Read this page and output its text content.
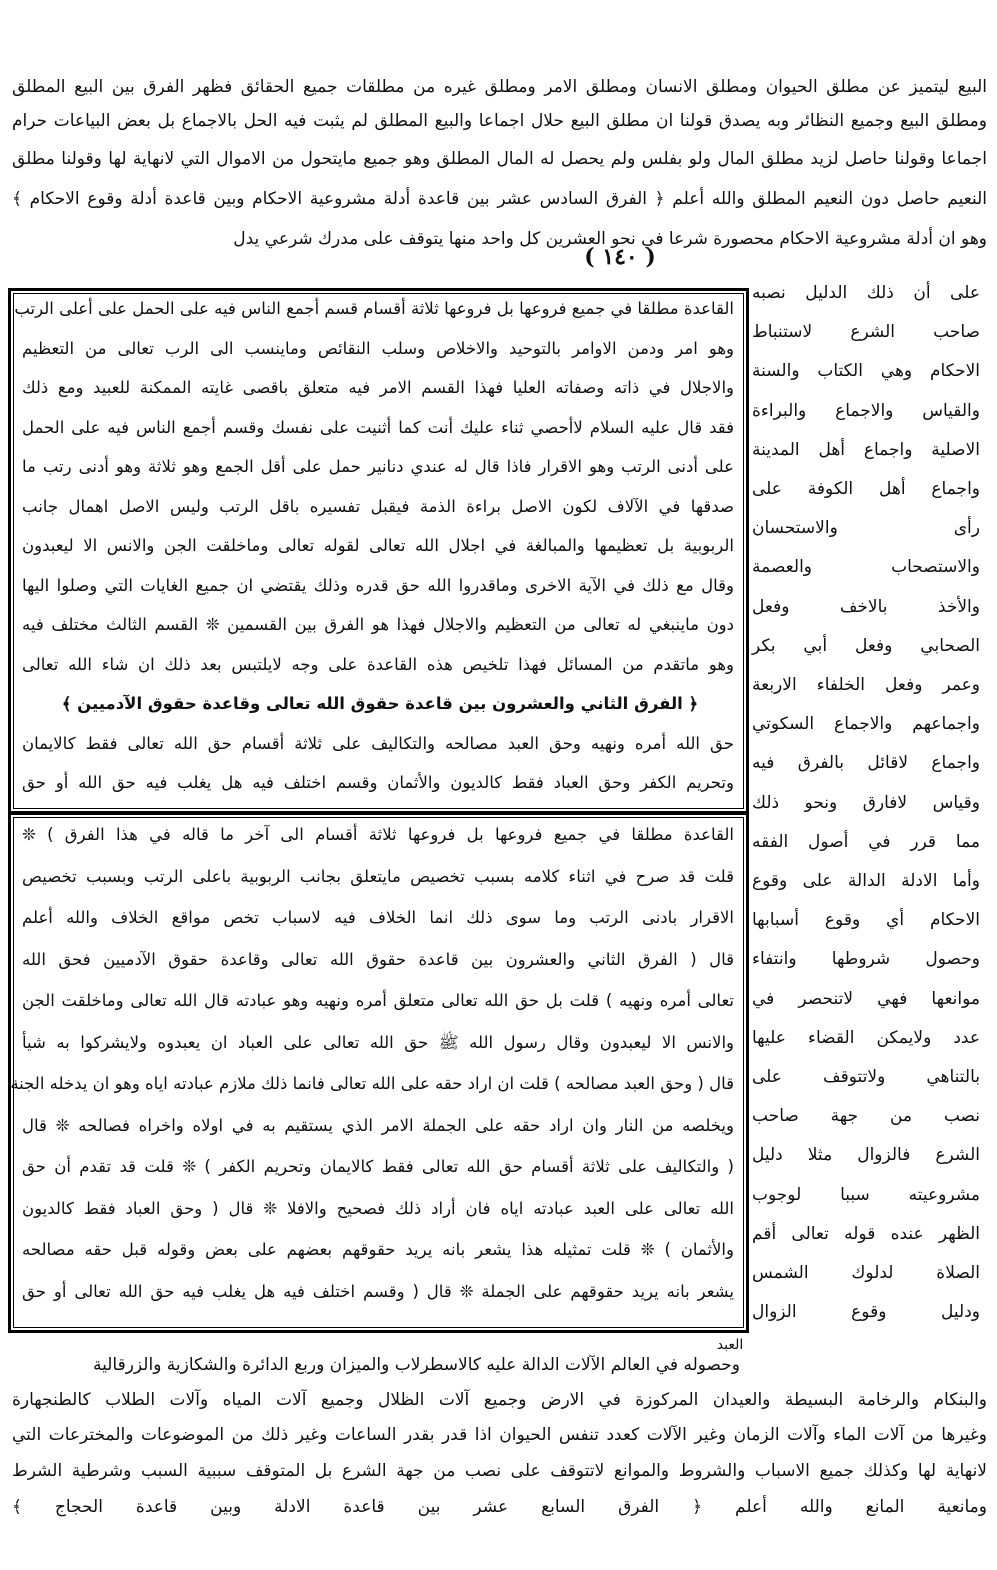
البيع ليتميز عن مطلق الحيوان ومطلق الانسان ومطلق الامر ومطلق غيره من مطلقات جميع الحقائق فظهر الفرق بين البيع المطلق
ومطلق البيع وجميع النظائر وبه يصدق قولنا ان مطلق البيع حلال اجماعا والبيع المطلق لم يثبت فيه الحل بالاجماع بل بعض البياعات حرام
اجماعا وقولنا حاصل لزيد مطلق المال ولو بفلس ولم يحصل له المال المطلق وهو جميع مايتحول من الاموال التي لانهاية لها وقولنا مطلق
النعيم حاصل دون النعيم المطلق والله أعلم ﴿ الفرق السادس عشر بين قاعدة أدلة مشروعية الاحكام وبين قاعدة أدلة وقوع الاحكام ﴾
وهو ان أدلة مشروعية الاحكام محصورة شرعا في نحو العشرين كل واحد منها يتوقف على مدرك شرعي يدل
( ١٤٠ )
القاعدة مطلقا في جميع فروعها بل فروعها ثلاثة أقسام قسم أجمع الناس فيه على الحمل على أعلى الرتب
وهو امر ودمن الاوامر بالتوحيد والاخلاص وسلب النقائص وماينسب الى الرب تعالى من التعظيم
والاجلال في ذاته وصفاته العليا فهذا القسم الامر فيه متعلق باقصى غايته الممكنة للعبيد ومع ذلك
فقد قال عليه السلام لاأحصي ثناء عليك أنت كما أثنيت على نفسك وقسم أجمع الناس فيه على الحمل
على أدنى الرتب وهو الاقرار فاذا قال له عندي دنانير حمل على أقل الجمع وهو ثلاثة وهو أدنى رتب ما
صدقها في الآلاف لكون الاصل براءة الذمة فيقبل تفسيره باقل الرتب وليس الاصل اهمال جانب
الربوبية بل تعظيمها والمبالغة في اجلال الله تعالى لقوله تعالى وماخلقت الجن والانس الا ليعبدون
وقال مع ذلك في الآية الاخرى وماقدروا الله حق قدره وذلك يقتضي ان جميع الغايات التي وصلوا اليها
دون ماينبغي له تعالى من التعظيم والاجلال فهذا هو الفرق بين القسمين ❊ القسم الثالث مختلف فيه
وهو ماتقدم من المسائل فهذا تلخيص هذه القاعدة على وجه لايلتبس بعد ذلك ان شاء الله تعالى
﴿ الفرق الثاني والعشرون بين قاعدة حقوق الله تعالى وقاعدة حقوق الآدميين ﴾
حق الله أمره ونهيه وحق العبد مصالحه والتكاليف على ثلاثة أقسام حق الله تعالى فقط كالايمان
وتحريم الكفر وحق العباد فقط كالديون والأثمان وقسم اختلف فيه هل يغلب فيه حق الله أو حق
القاعدة مطلقا في جميع فروعها بل فروعها ثلاثة أقسام الى آخر ما قاله في هذا الفرق ) ❊
قلت قد صرح في اثناء كلامه بسبب تخصيص مايتعلق بجانب الربوبية باعلى الرتب وبسبب تخصيص
الاقرار بادنى الرتب وما سوى ذلك انما الخلاف فيه لاسباب تخص مواقع الخلاف والله أعلم
قال ( الفرق الثاني والعشرون بين قاعدة حقوق الله تعالى وقاعدة حقوق الآدميين فحق الله
تعالى أمره ونهيه ) قلت بل حق الله تعالى متعلق أمره ونهيه وهو عبادته قال الله تعالى وماخلقت الجن
والانس الا ليعبدون وقال رسول الله ﷺ حق الله تعالى على العباد ان يعبدوه ولايشركوا به شيأ
قال ( وحق العبد مصالحه ) قلت ان اراد حقه على الله تعالى فانما ذلك ملازم عبادته اياه وهو ان يدخله الجنة
ويخلصه من النار وان اراد حقه على الجملة الامر الذي يستقيم به في اولاه واخراه فصالحه ❊ قال
( والتكاليف على ثلاثة أقسام حق الله تعالى فقط كالايمان وتحريم الكفر ) ❊ قلت قد تقدم أن حق
الله تعالى على العبد عبادته اياه فان أراد ذلك فصحيح والافلا ❊ قال ( وحق العباد فقط كالديون
والأثمان ) ❊ قلت تمثيله هذا يشعر بانه يريد حقوقهم بعضهم على بعض وقوله قبل حقه مصالحه
يشعر بانه يريد حقوقهم على الجملة ❊ قال ( وقسم اختلف فيه هل يغلب فيه حق الله تعالى أو حق
على أن ذلك الدليل نصبه
صاحب الشرع لاستنباط
الاحكام وهي الكتاب والسنة
والقياس والاجماع والبراءة
الاصلية واجماع أهل المدينة
واجماع أهل الكوفة على
رأى والاستحسان
والاستصحاب والعصمة
والأخذ بالاخف وفعل
الصحابي وفعل أبي بكر
وعمر وفعل الخلفاء الاربعة
واجماعهم والاجماع السكوتي
واجماع لاقائل بالفرق فيه
وقياس لافارق ونحو ذلك
مما قرر في أصول الفقه
وأما الادلة الدالة على وقوع
الاحكام أي وقوع أسبابها
وحصول شروطها وانتفاء
موانعها فهي لاتنحصر في
عدد ولايمكن القضاء عليها
بالتناهي ولاتتوقف على
نصب من جهة صاحب
الشرع فالزوال مثلا دليل
مشروعيته سببا لوجوب
الظهر عنده قوله تعالى أقم
الصلاة لدلوك الشمس
ودليل وقوع الزوال
العبد
وحصوله في العالم الآلات الدالة عليه كالاسطرلاب والميزان وربع الدائرة والشكازية والزرقالية
والبنكام والرخامة البسيطة والعيدان المركوزة في الارض وجميع آلات الظلال وجميع آلات المياه وآلات الطلاب كالطنجهارة
وغيرها من آلات الماء وآلات الزمان وغير الآلات كعدد تنفس الحيوان اذا قدر بقدر الساعات وغير ذلك من الموضوعات والمخترعات التي
لانهاية لها وكذلك جميع الاسباب والشروط والموانع لاتتوقف على نصب من جهة الشرع بل المتوقف سببية السبب وشرطية الشرط
ومانعية المانع والله أعلم ﴿ الفرق السابع عشر بين قاعدة الادلة وبين قاعدة الحجاج ﴾
